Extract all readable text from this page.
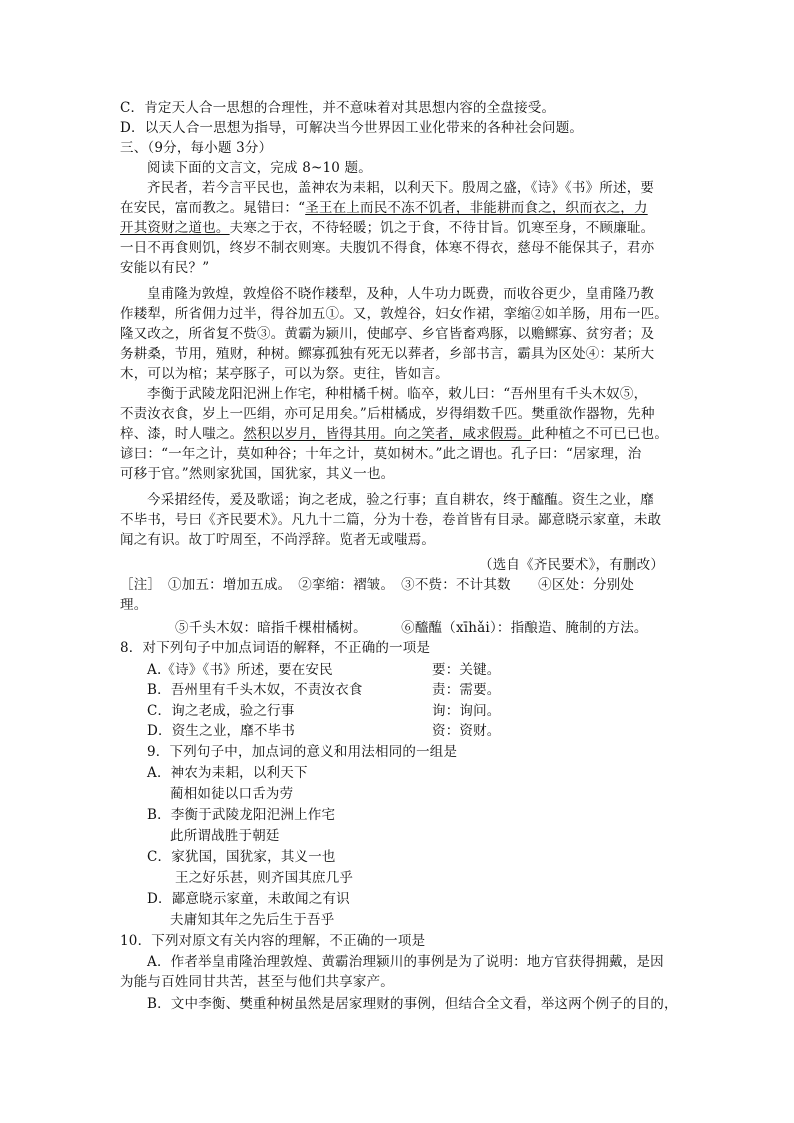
C．肯定天人合一思想的合理性，并不意味着对其思想内容的全盘接受。
D．以天人合一思想为指导，可解决当今世界因工业化带来的各种社会问题。
三、（9分，每小题 3分）
阅读下面的文言文，完成 8~10 题。
齐民者，若今言平民也，盖神农为耒耜，以利天下。殷周之盛，《诗》《书》所述，要
在安民，富而教之。晁错曰：“圣王在上而民不冻不饥者，非能耕而食之，织而衣之，力
开其资财之道也。夫寒之于衣，不待轻暖；饥之于食，不待甘旨。饥寒至身，不顾廉耻。
一日不再食则饥，终岁不制衣则寒。夫腹饥不得食，体寒不得衣，慈母不能保其子，君亦
安能以有民？”
皇甫隆为敦煌，敦煌俗不晓作耧犁，及种，人牛功力既费，而收谷更少，皇甫隆乃教
作耧犁，所省佣力过半，得谷加五①。又，敦煌谷，妇女作裙，挛缩②如羊肠，用布一匹。
隆又改之，所省复不赀③。黄霸为颍川，使邮亭、乡官皆畜鸡豚，以赡鳏寡、贫穷者；及
务耕桑，节用，殖财，种树。鳏寡孤独有死无以葬者，乡部书言，霸具为区处④：某所大
木，可以为棺；某亭豚子，可以为祭。吏往，皆如言。
李衡于武陵龙阳汜洲上作宅，种柑橘千树。临卒，敕儿曰：“吾州里有千头木奴⑤，
不责汝衣食，岁上一匹绢，亦可足用矣。”后柑橘成，岁得绢数千匹。樊重欲作器物，先种
梓、漆，时人嗤之。然积以岁月，皆得其用。向之笑者，咸求假焉。此种植之不可已已也。
谚曰：“一年之计，莫如种谷；十年之计，莫如树木。”此之谓也。孔子曰：“居家理，治
可移于官。”然则家犹国，国犹家，其义一也。
今采捃经传，爰及歌谣；询之老成，验之行事；直自耕农，终于醯醢。资生之业，靡
不毕书，号曰《齐民要术》。凡九十二篇，分为十卷，卷首皆有目录。鄙意晓示家童，未敢
闻之有识。故丁咛周至，不尚浮辞。览者无或嗤焉。
（选自《齐民要术》，有删改）
［注］　①加五：增加五成。　②挛缩：褶皱。　③不赀：不计其数　　④区处：分别处
理。
⑤千头木奴：暗指千棵柑橘树。　　　⑥醯醢（xīhǎi）：指酿造、腌制的方法。
8．对下列句子中加点词语的解释，不正确的一项是
A.《诗》《书》所述，要在安民	要：关键。
B．吾州里有千头木奴，不责汝衣食	责：需要。
C．询之老成，验之行事	询：询问。
D．资生之业，靡不毕书	资：资财。
9．下列句子中，加点词的意义和用法相同的一组是
A．神农为耒耜，以利天下
蔺相如徒以口舌为劳
B．李衡于武陵龙阳汜洲上作宅
此所谓战胜于朝廷
C．家犹国，国犹家，其义一也
王之好乐甚，则齐国其庶几乎
D．鄙意晓示家童，未敢闻之有识
夫庸知其年之先后生于吾乎
10．下列对原文有关内容的理解，不正确的一项是
A．作者举皇甫隆治理敦煌、黄霸治理颍川的事例是为了说明：地方官获得拥戴，是因
为能与百姓同甘共苦，甚至与他们共享家产。
B．文中李衡、樊重种树虽然是居家理财的事例，但结合全文看，举这两个例子的目的，
